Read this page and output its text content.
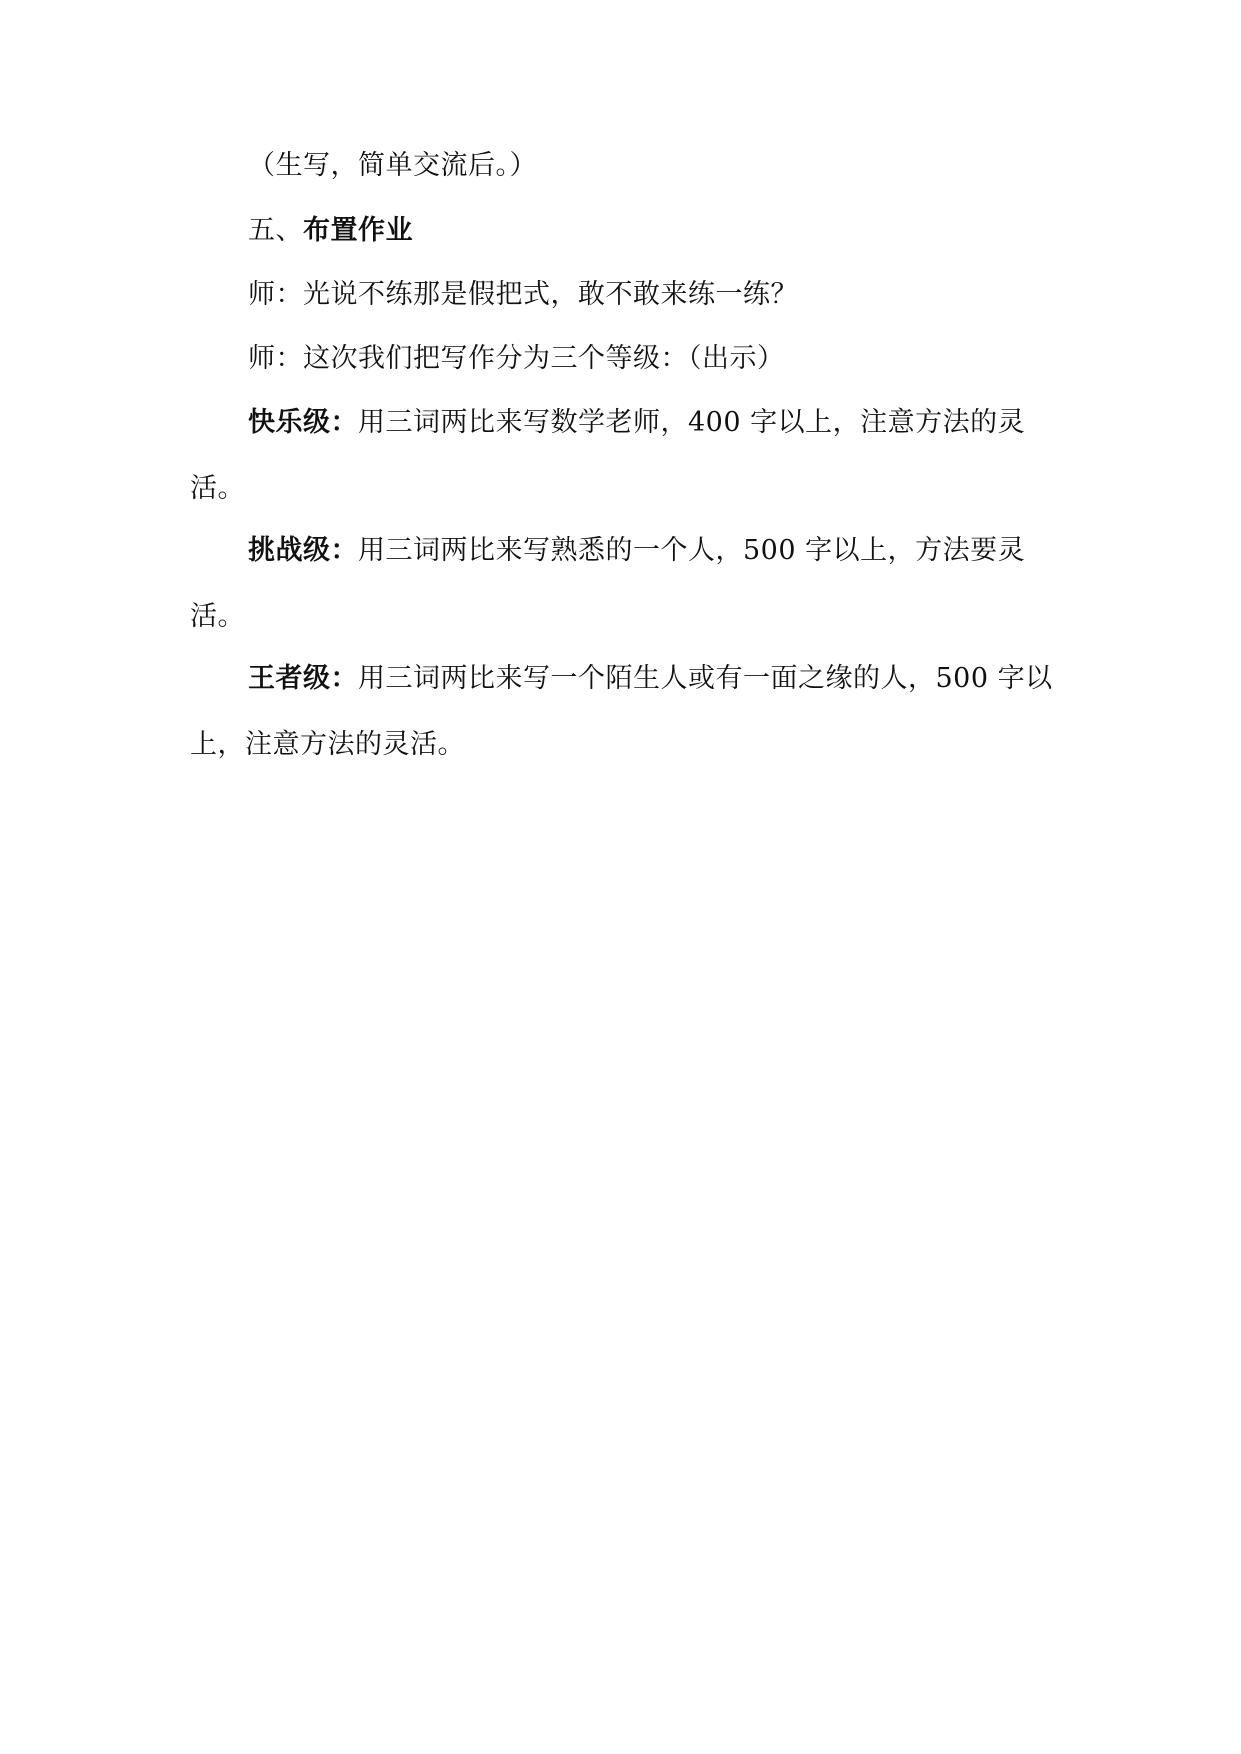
（生写，简单交流后。）

五、布置作业

师：光说不练那是假把式，敢不敢来练一练？

师：这次我们把写作分为三个等级：（出示）

快乐级：用三词两比来写数学老师，400 字以上，注意方法的灵活。

挑战级：用三词两比来写熟悉的一个人，500 字以上，方法要灵活。

王者级：用三词两比来写一个陌生人或有一面之缘的人，500 字以上，注意方法的灵活。
